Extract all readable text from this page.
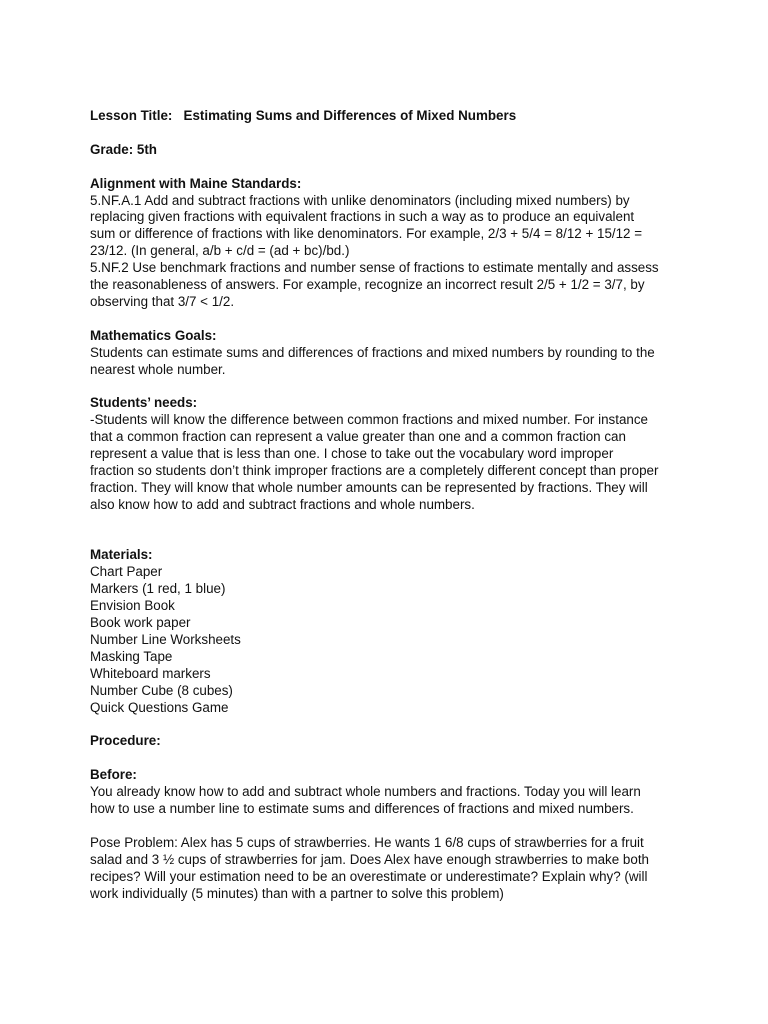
Lesson Title: Estimating Sums and Differences of Mixed Numbers
Grade: 5th
Alignment with Maine Standards:
5.NF.A.1 Add and subtract fractions with unlike denominators (including mixed numbers) by
replacing given fractions with equivalent fractions in such a way as to produce an equivalent
sum or difference of fractions with like denominators. For example, 2/3 + 5/4 = 8/12 + 15/12 =
23/12. (In general, a/b + c/d = (ad + bc)/bd.)
5.NF.2 Use benchmark fractions and number sense of fractions to estimate mentally and assess
the reasonableness of answers. For example, recognize an incorrect result 2/5 + 1/2 = 3/7, by
observing that 3/7 < 1/2.
Mathematics Goals:
Students can estimate sums and differences of fractions and mixed numbers by rounding to the
nearest whole number.
Students’ needs:
-Students will know the difference between common fractions and mixed number. For instance
that a common fraction can represent a value greater than one and a common fraction can
represent a value that is less than one. I chose to take out the vocabulary word improper
fraction so students don’t think improper fractions are a completely different concept than proper
fraction. They will know that whole number amounts can be represented by fractions. They will
also know how to add and subtract fractions and whole numbers.
Materials:
Chart Paper
Markers (1 red, 1 blue)
Envision Book
Book work paper
Number Line Worksheets
Masking Tape
Whiteboard markers
Number Cube (8 cubes)
Quick Questions Game
Procedure:
Before:
You already know how to add and subtract whole numbers and fractions. Today you will learn
how to use a number line to estimate sums and differences of fractions and mixed numbers.
Pose Problem: Alex has 5 cups of strawberries. He wants 1 6/8 cups of strawberries for a fruit
salad and 3 ½ cups of strawberries for jam. Does Alex have enough strawberries to make both
recipes? Will your estimation need to be an overestimate or underestimate? Explain why? (will
work individually (5 minutes) than with a partner to solve this problem)
